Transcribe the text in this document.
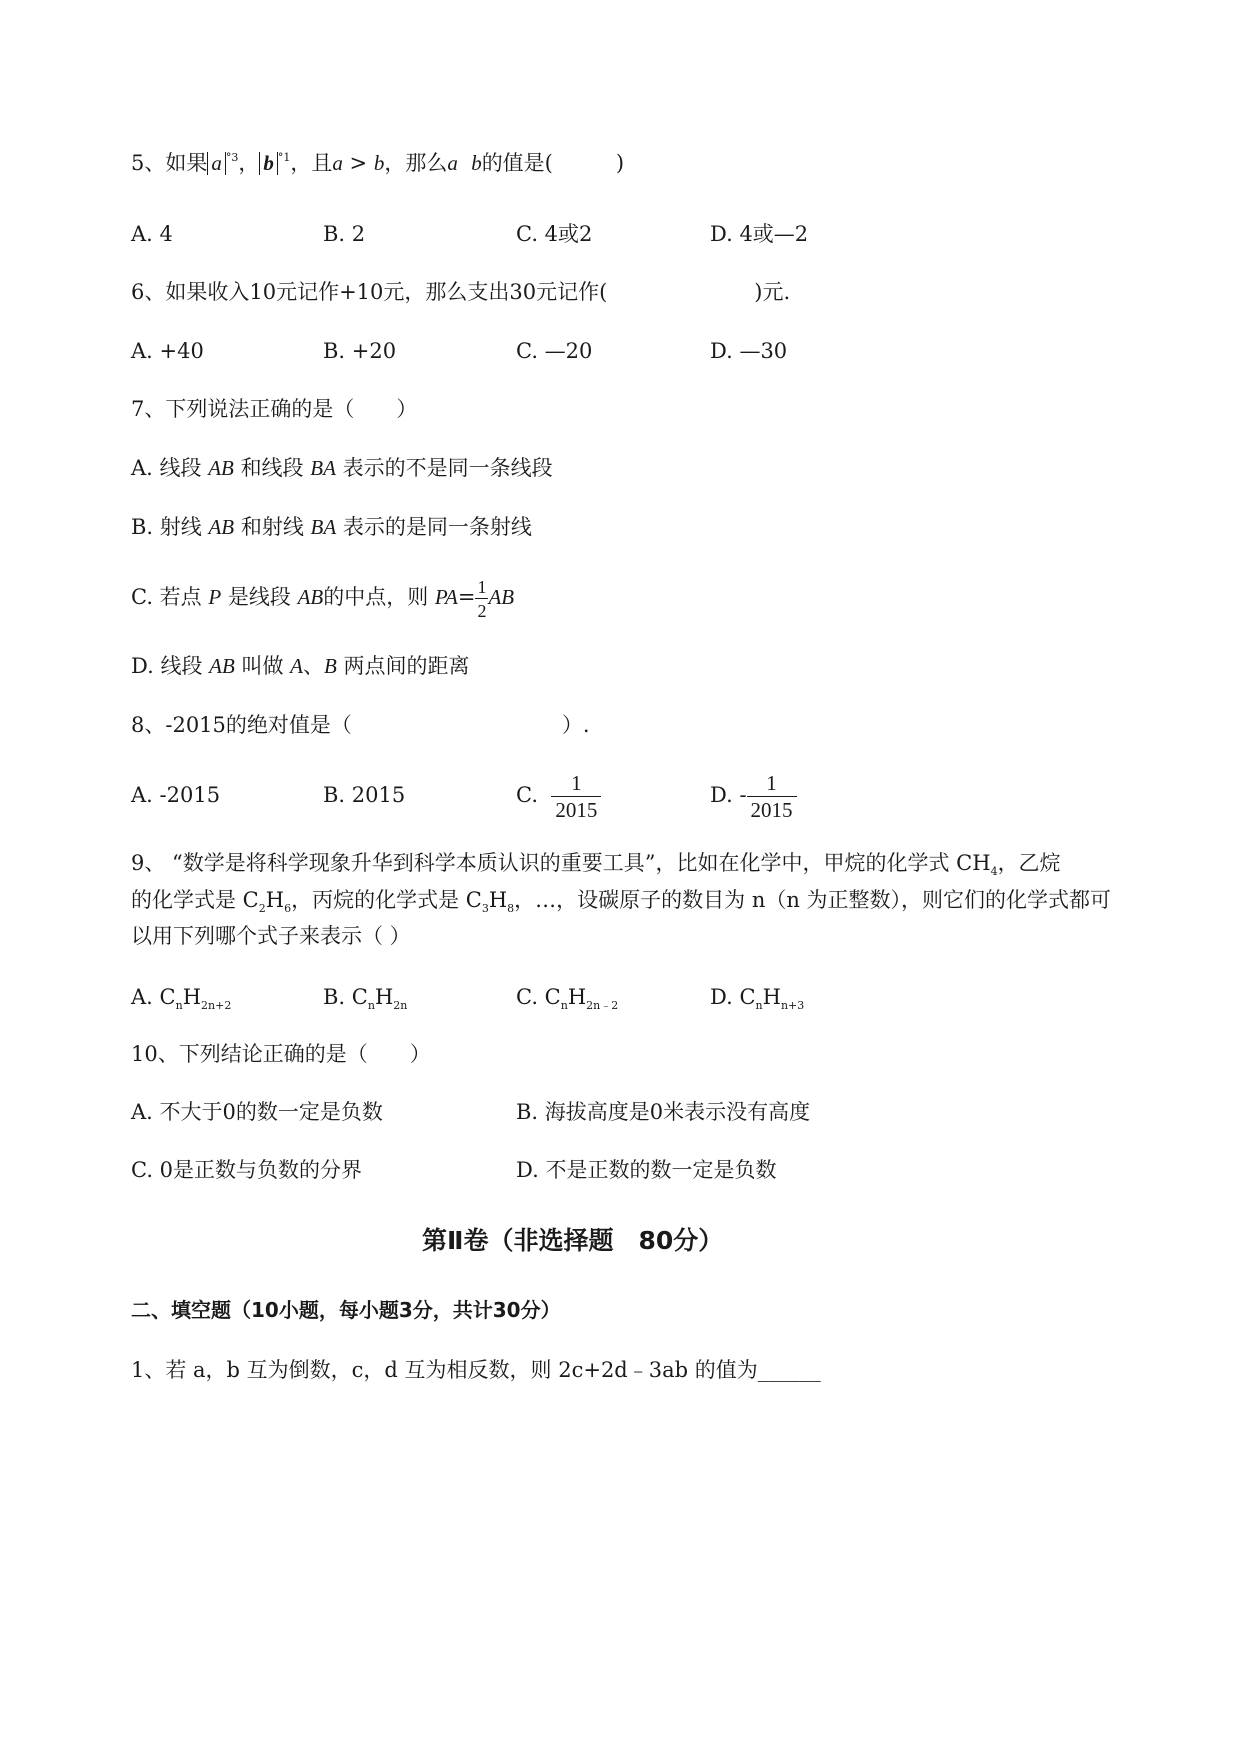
5、如果 a $^{^\circ 3}$， b $^{^\circ 1}$，且a > b，那么a b的值是(　　　)
A. 4	B. 2	C. 4或2	D. 4或—2
6、如果收入10元记作+10元，那么支出30元记作(　　　　　　　)元.
A. +40	B. +20	C. —20	D. —30
7、下列说法正确的是（　　）
A. 线段 AB 和线段 BA 表示的不是同一条线段
B. 射线 AB 和射线 BA 表示的是同一条射线
C. 若点 P 是线段 AB的中点，则 $PA= \frac{1}{2}$ AB
D. 线段 AB 叫做 A、B 两点间的距离
8、-2015的绝对值是（　　　　　　　　　　）.
A. -2015	B. 2015	C. $\frac{1}{2015}$	D. - $\frac{1}{2015}$
9、 “数学是将科学现象升华到科学本质认识的重要工具”，比如在化学中，甲烷的化学式 $CH_4$，乙烷
的化学式是 $C_2H_6$，丙烷的化学式是 $C_3H_8$，…，设碳原子的数目为 n（n 为正整数），则它们的化学式都可
以用下列哪个式子来表示（ ）
A. $C_nH_{2n+2}$	B. $C_nH_{2n}$	C. $C_nH_{2n﹣2}$	D. $C_nH_{n+3}$
10、下列结论正确的是（　　）
A. 不大于0的数一定是负数	B. 海拔高度是0米表示没有高度
C. 0是正数与负数的分界	D. 不是正数的数一定是负数
第Ⅱ卷（非选择题　80分）
二、填空题（10小题，每小题3分，共计30分）
1、若 a，b 互为倒数，c，d 互为相反数，则 2c+2d﹣3ab 的值为______
